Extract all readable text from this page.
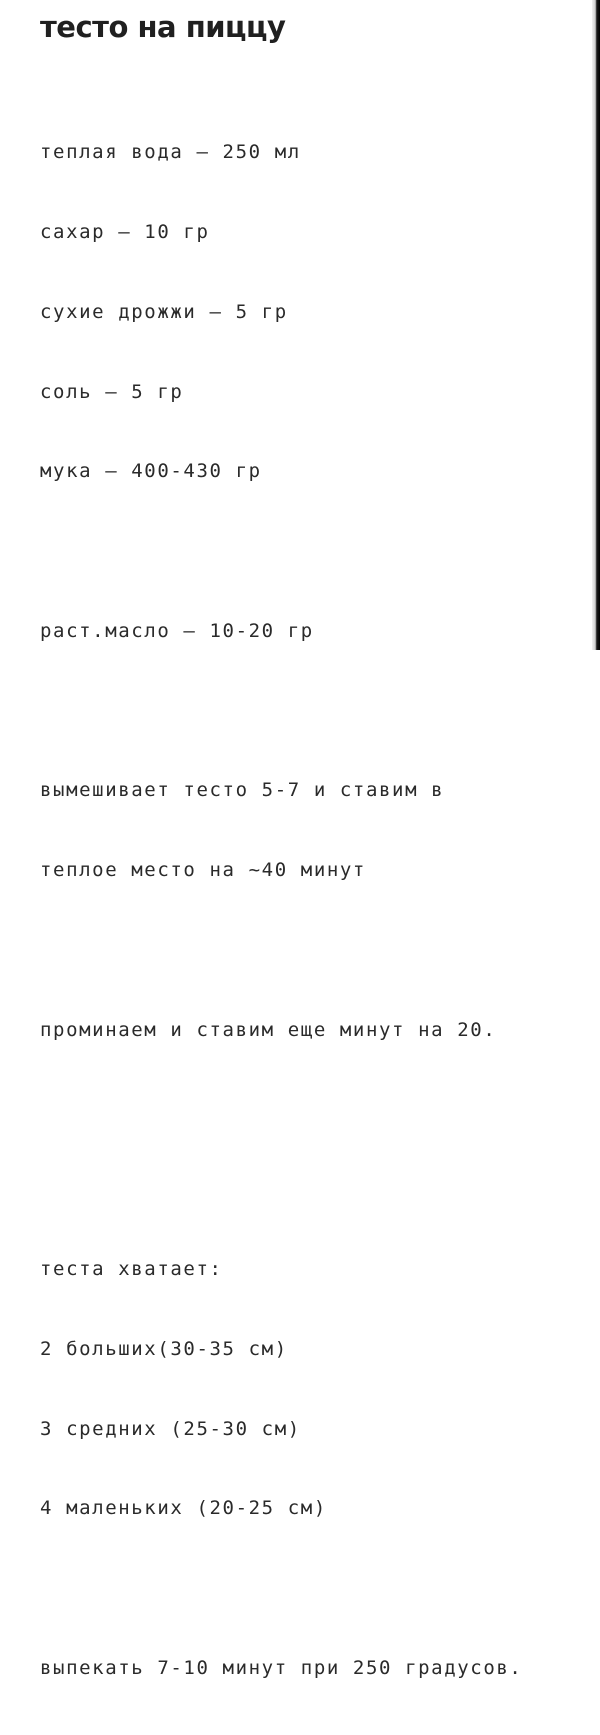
тесто на пиццу

теплая вода — 250 мл

сахар — 10 гр

сухие дрожжи — 5 гр

соль — 5 гр

мука — 400-430 гр

раст.масло — 10-20 гр

вымешивает тесто 5-7 и ставим в

теплое место на ~40 минут

проминаем и ставим еще минут на 20.

теста хватает:

2 больших(30-35 см)

3 средних (25-30 см)

4 маленьких (20-25 см)

выпекать 7-10 минут при 250 градусов.
